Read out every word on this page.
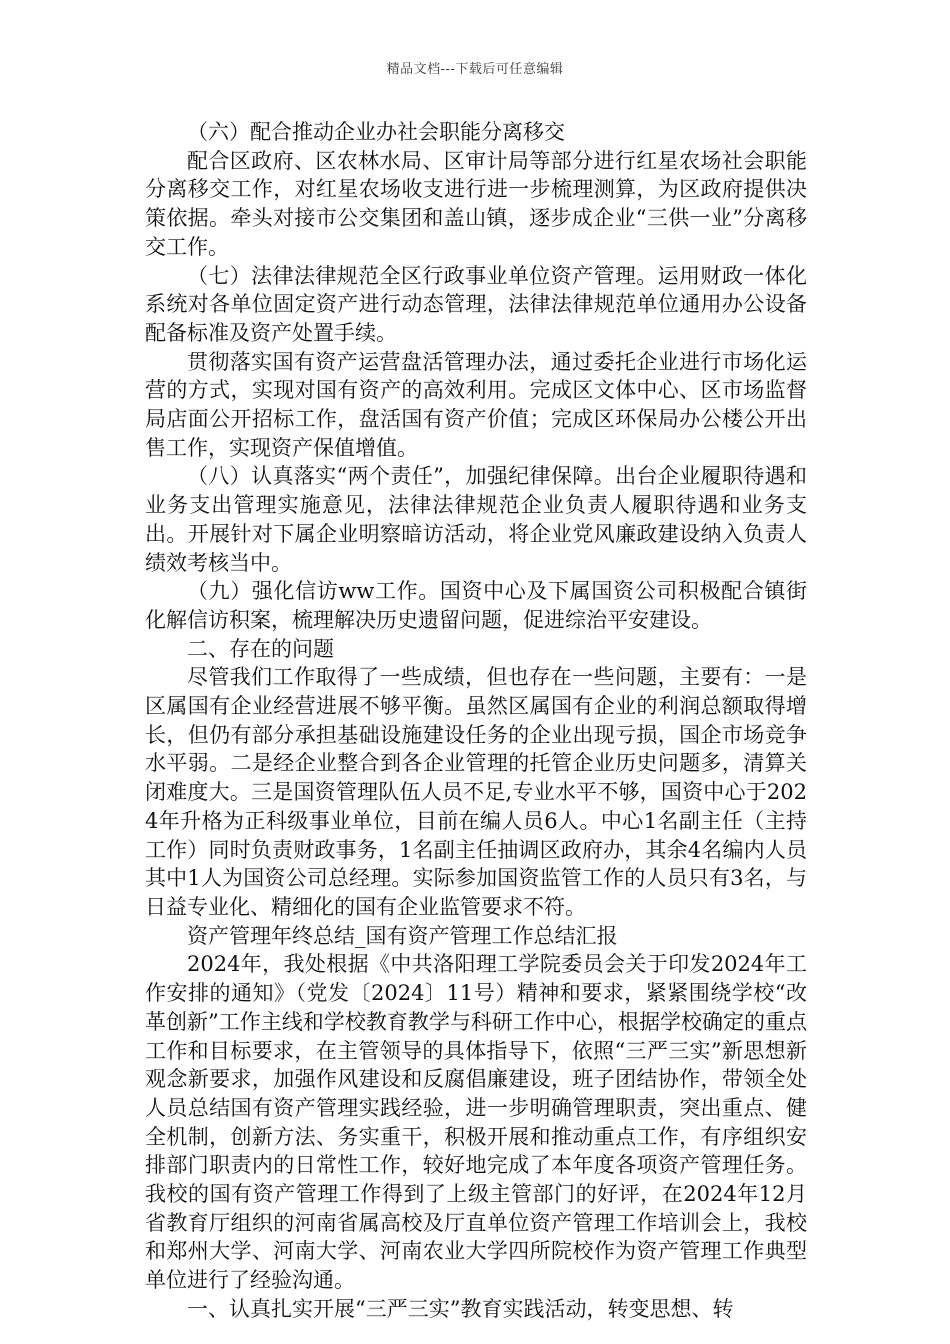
精品文档---下载后可任意编辑

（六）配合推动企业办社会职能分离移交

配合区政府、区农林水局、区审计局等部分进行红星农场社会职能分离移交工作，对红星农场收支进行进一步梳理测算，为区政府提供决策依据。牵头对接市公交集团和盖山镇，逐步成企业“三供一业”分离移交工作。

（七）法律法律规范全区行政事业单位资产管理。运用财政一体化系统对各单位固定资产进行动态管理，法律法律规范单位通用办公设备配备标准及资产处置手续。

贯彻落实国有资产运营盘活管理办法，通过委托企业进行市场化运营的方式，实现对国有资产的高效利用。完成区文体中心、区市场监督局店面公开招标工作，盘活国有资产价值；完成区环保局办公楼公开出售工作，实现资产保值增值。

（八）认真落实“两个责任”，加强纪律保障。出台企业履职待遇和业务支出管理实施意见，法律法律规范企业负责人履职待遇和业务支出。开展针对下属企业明察暗访活动，将企业党风廉政建设纳入负责人绩效考核当中。

（九）强化信访ww工作。国资中心及下属国资公司积极配合镇街化解信访积案，梳理解决历史遗留问题，促进综治平安建设。

二、存在的问题

尽管我们工作取得了一些成绩，但也存在一些问题，主要有：一是区属国有企业经营进展不够平衡。虽然区属国有企业的利润总额取得增长，但仍有部分承担基础设施建设任务的企业出现亏损，国企市场竞争水平弱。二是经企业整合到各企业管理的托管企业历史问题多，清算关闭难度大。三是国资管理队伍人员不足,专业水平不够，国资中心于2024年升格为正科级事业单位，目前在编人员6人。中心1名副主任（主持工作）同时负责财政事务，1名副主任抽调区政府办，其余4名编内人员其中1人为国资公司总经理。实际参加国资监管工作的人员只有3名，与日益专业化、精细化的国有企业监管要求不符。

资产管理年终总结_国有资产管理工作总结汇报

2024年，我处根据《中共洛阳理工学院委员会关于印发2024年工作安排的通知》（党发〔2024〕11号）精神和要求，紧紧围绕学校“改革创新”工作主线和学校教育教学与科研工作中心，根据学校确定的重点工作和目标要求，在主管领导的具体指导下，依照“三严三实”新思想新观念新要求，加强作风建设和反腐倡廉建设，班子团结协作，带领全处人员总结国有资产管理实践经验，进一步明确管理职责，突出重点、健全机制，创新方法、务实重干，积极开展和推动重点工作，有序组织安排部门职责内的日常性工作，较好地完成了本年度各项资产管理任务。我校的国有资产管理工作得到了上级主管部门的好评，在2024年12月省教育厅组织的河南省属高校及厅直单位资产管理工作培训会上，我校和郑州大学、河南大学、河南农业大学四所院校作为资产管理工作典型单位进行了经验沟通。

一、认真扎实开展“三严三实”教育实践活动，转变思想、转
